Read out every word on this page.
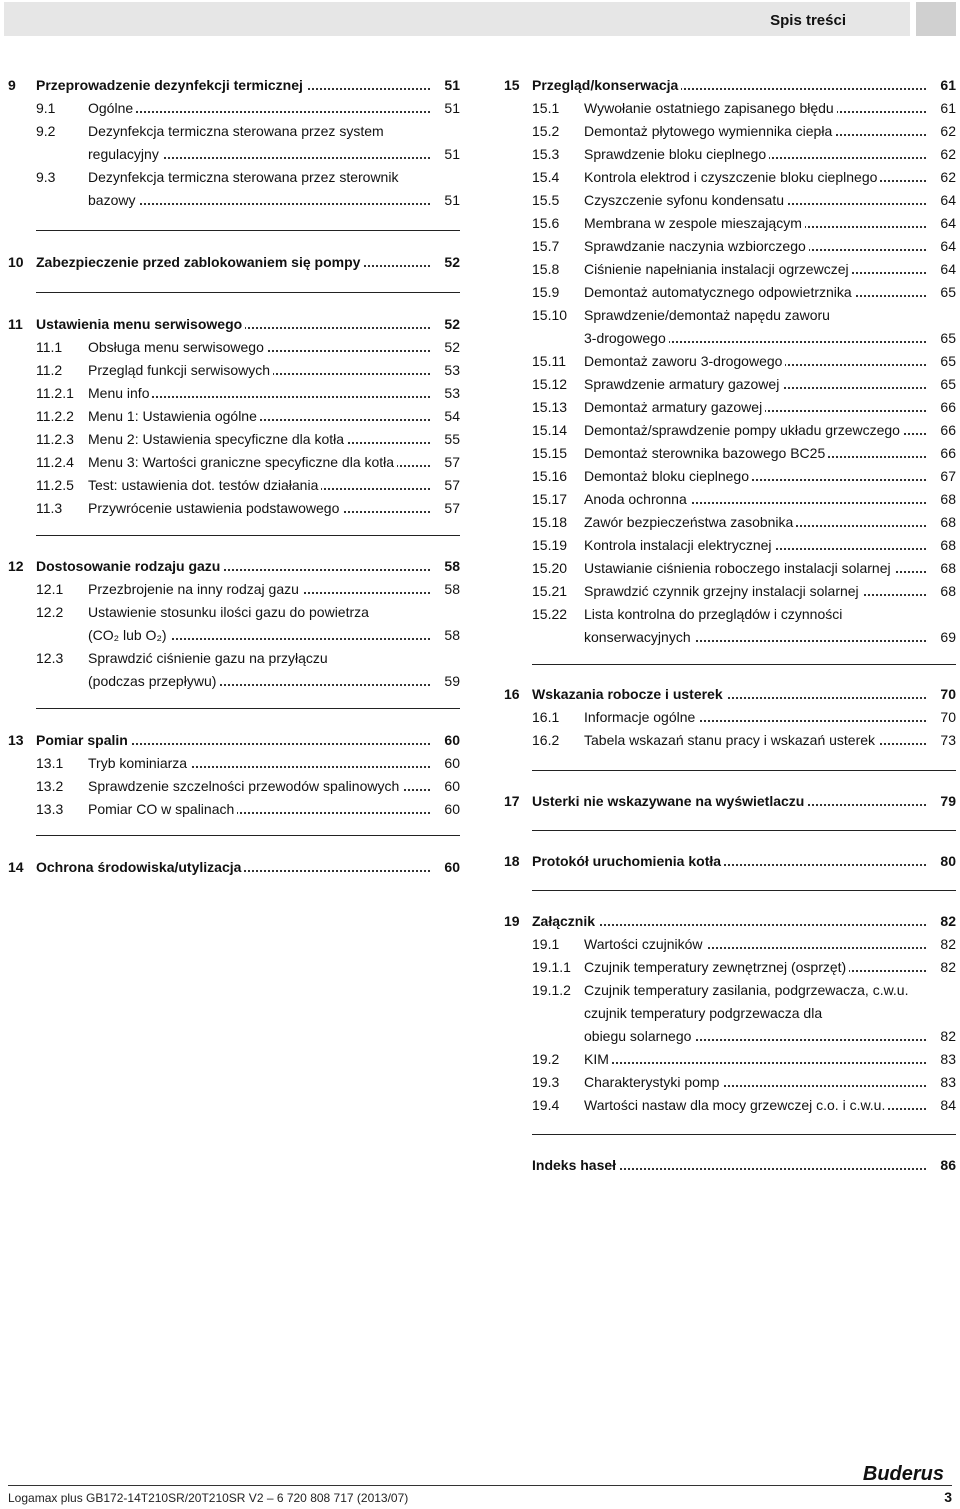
Spis treści
9 Przeprowadzenie dezynfekcji termicznej	51
9.1 Ogólne	51
9.2 Dezynfekcja termiczna sterowana przez system
regulacyjny	51
9.3 Dezynfekcja termiczna sterowana przez sterownik
bazowy	51
10 Zabezpieczenie przed zablokowaniem się pompy	52
11 Ustawienia menu serwisowego	52
11.1 Obsługa menu serwisowego	52
11.2 Przegląd funkcji serwisowych	53
11.2.1 Menu info	53
11.2.2 Menu 1: Ustawienia ogólne	54
11.2.3 Menu 2: Ustawienia specyficzne dla kotła	55
11.2.4 Menu 3: Wartości graniczne specyficzne dla kotła	57
11.2.5 Test: ustawienia dot. testów działania	57
11.3 Przywrócenie ustawienia podstawowego	57
12 Dostosowanie rodzaju gazu	58
12.1 Przezbrojenie na inny rodzaj gazu	58
12.2 Ustawienie stosunku ilości gazu do powietrza
(CO₂ lub O₂)	58
12.3 Sprawdzić ciśnienie gazu na przyłączu
(podczas przepływu)	59
13 Pomiar spalin	60
13.1 Tryb kominiarza	60
13.2 Sprawdzenie szczelności przewodów spalinowych	60
13.3 Pomiar CO w spalinach	60
14 Ochrona środowiska/utylizacja	60
15 Przegląd/konserwacja	61
15.1 Wywołanie ostatniego zapisanego błędu	61
15.2 Demontaż płytowego wymiennika ciepła	62
15.3 Sprawdzenie bloku cieplnego	62
15.4 Kontrola elektrod i czyszczenie bloku cieplnego	62
15.5 Czyszczenie syfonu kondensatu	64
15.6 Membrana w zespole mieszającym	64
15.7 Sprawdzanie naczynia wzbiorczego	64
15.8 Ciśnienie napełniania instalacji ogrzewczej	64
15.9 Demontaż automatycznego odpowietrznika	65
15.10 Sprawdzenie/demontaż napędu zaworu
3-drogowego	65
15.11 Demontaż zaworu 3-drogowego	65
15.12 Sprawdzenie armatury gazowej	65
15.13 Demontaż armatury gazowej	66
15.14 Demontaż/sprawdzenie pompy układu grzewczego	66
15.15 Demontaż sterownika bazowego BC25	66
15.16 Demontaż bloku cieplnego	67
15.17 Anoda ochronna	68
15.18 Zawór bezpieczeństwa zasobnika	68
15.19 Kontrola instalacji elektrycznej	68
15.20 Ustawianie ciśnienia roboczego instalacji solarnej	68
15.21 Sprawdzić czynnik grzejny instalacji solarnej	68
15.22 Lista kontrolna do przeglądów i czynności
konserwacyjnych	69
16 Wskazania robocze i usterek	70
16.1 Informacje ogólne	70
16.2 Tabela wskazań stanu pracy i wskazań usterek	73
17 Usterki nie wskazywane na wyświetlaczu	79
18 Protokół uruchomienia kotła	80
19 Załącznik	82
19.1 Wartości czujników	82
19.1.1 Czujnik temperatury zewnętrznej (osprzęt)	82
19.1.2 Czujnik temperatury zasilania, podgrzewacza, c.w.u.
czujnik temperatury podgrzewacza dla
obiegu solarnego	82
19.2 KIM	83
19.3 Charakterystyki pomp	83
19.4 Wartości nastaw dla mocy grzewczej c.o. i c.w.u.	84
Indeks haseł	86
Logamax plus GB172-14T210SR/20T210SR V2 – 6 720 808 717 (2013/07)
Buderus
3
